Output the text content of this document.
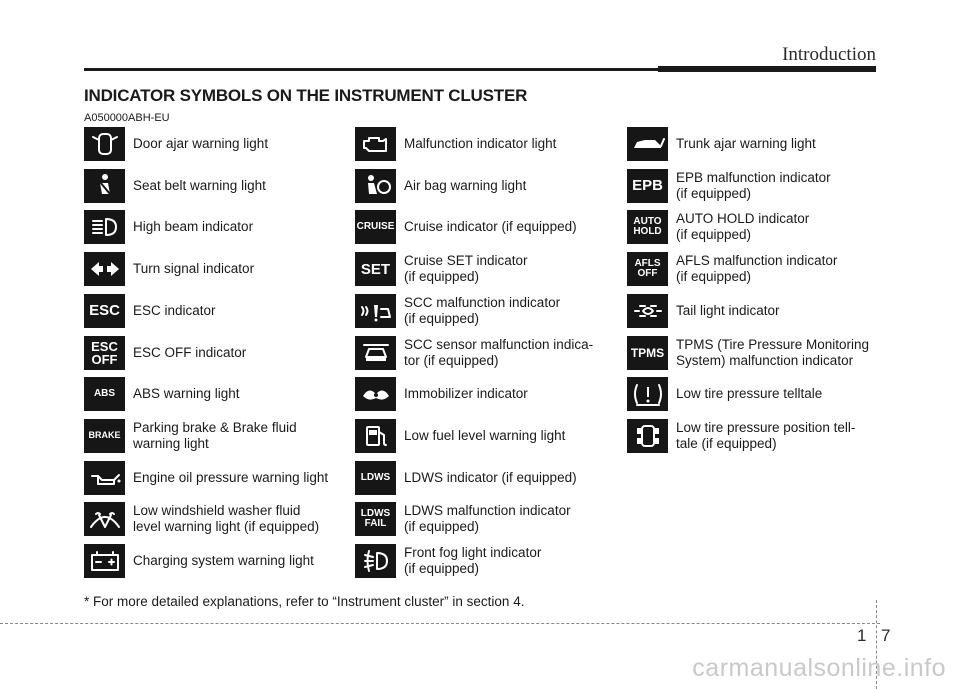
Introduction
INDICATOR SYMBOLS ON THE INSTRUMENT CLUSTER
A050000ABH-EU
Door ajar warning light
Seat belt warning light
High beam indicator
Turn signal indicator
ESC ESC indicator
ESC
OFF ESC OFF indicator
ABS ABS warning light
BRAKE
Parking brake & Brake fluid
warning light
Engine oil pressure warning light
Low windshield washer fluid
level warning light (if equipped)
Charging system warning light
Malfunction indicator light
Air bag warning light
CRUISE Cruise indicator (if equipped)
SET Cruise SET indicator
(if equipped)
SCC malfunction indicator
(if equipped)
SCC sensor malfunction indica-
tor (if equipped)
Immobilizer indicator
Low fuel level warning light
LDWS LDWS indicator (if equipped)
LDWS
FAIL
LDWS malfunction indicator
(if equipped)
Front fog light indicator
(if equipped)
Trunk ajar warning light
EPB EPB malfunction indicator
(if equipped)
AUTO
HOLD
AUTO HOLD indicator
(if equipped)
AFLS
OFF
AFLS malfunction indicator
(if equipped)
Tail light indicator
TPMS
TPMS (Tire Pressure Monitoring
System) malfunction indicator
Low tire pressure telltale
Low tire pressure position tell-
tale (if equipped)
* For more detailed explanations, refer to “Instrument cluster” in section 4.
1 7
carmanualsonline.info
